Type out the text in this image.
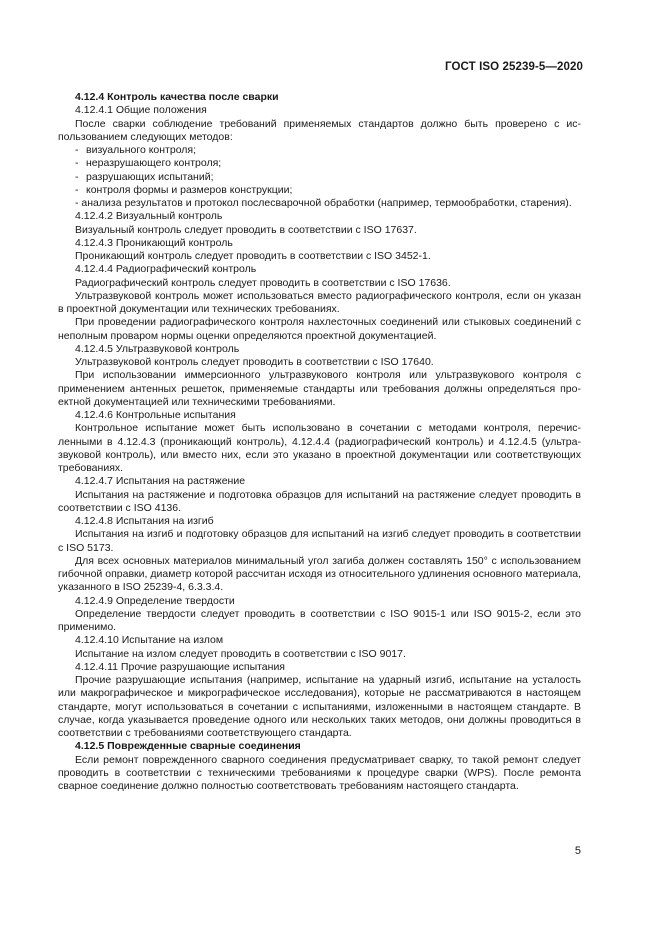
ГОСТ ISO 25239-5—2020

4.12.4 Контроль качества после сварки

4.12.4.1 Общие положения

После сварки соблюдение требований применяемых стандартов должно быть проверено с использованием следующих методов:

- визуального контроля;
- неразрушающего контроля;
- разрушающих испытаний;
- контроля формы и размеров конструкции;

- анализа результатов и протокол послесварочной обработки (например, термообработки, старения).

4.12.4.2 Визуальный контроль

Визуальный контроль следует проводить в соответствии с ISO 17637.

4.12.4.3 Проникающий контроль

Проникающий контроль следует проводить в соответствии с ISO 3452-1.

4.12.4.4 Радиографический контроль

Радиографический контроль следует проводить в соответствии с ISO 17636.

Ультразвуковой контроль может использоваться вместо радиографического контроля, если он указан в проектной документации или технических требованиях.

При проведении радиографического контроля нахлесточных соединений или стыковых соединений с неполным проваром нормы оценки определяются проектной документацией.

4.12.4.5 Ультразвуковой контроль

Ультразвуковой контроль следует проводить в соответствии с ISO 17640.

При использовании иммерсионного ультразвукового контроля или ультразвукового контроля с применением антенных решеток, применяемые стандарты или требования должны определяться проектной документацией или техническими требованиями.

4.12.4.6 Контрольные испытания

Контрольное испытание может быть использовано в сочетании с методами контроля, перечисленными в 4.12.4.3 (проникающий контроль), 4.12.4.4 (радиографический контроль) и 4.12.4.5 (ультразвуковой контроль), или вместо них, если это указано в проектной документации или соответствующих требованиях.

4.12.4.7 Испытания на растяжение

Испытания на растяжение и подготовка образцов для испытаний на растяжение следует проводить в соответствии с ISO 4136.

4.12.4.8 Испытания на изгиб

Испытания на изгиб и подготовку образцов для испытаний на изгиб следует проводить в соответствии с ISO 5173.

Для всех основных материалов минимальный угол загиба должен составлять 150° с использованием гибочной оправки, диаметр которой рассчитан исходя из относительного удлинения основного материала, указанного в ISO 25239-4, 6.3.3.4.

4.12.4.9 Определение твердости

Определение твердости следует проводить в соответствии с ISO 9015-1 или ISO 9015-2, если это применимо.

4.12.4.10 Испытание на излом

Испытание на излом следует проводить в соответствии с ISO 9017.

4.12.4.11 Прочие разрушающие испытания

Прочие разрушающие испытания (например, испытание на ударный изгиб, испытание на усталость или макрографическое и микрографическое исследования), которые не рассматриваются в настоящем стандарте, могут использоваться в сочетании с испытаниями, изложенными в настоящем стандарте. В случае, когда указывается проведение одного или нескольких таких методов, они должны проводиться в соответствии с требованиями соответствующего стандарта.

4.12.5 Поврежденные сварные соединения

Если ремонт поврежденного сварного соединения предусматривает сварку, то такой ремонт следует проводить в соответствии с техническими требованиями к процедуре сварки (WPS). После ремонта сварное соединение должно полностью соответствовать требованиям настоящего стандарта.

5
